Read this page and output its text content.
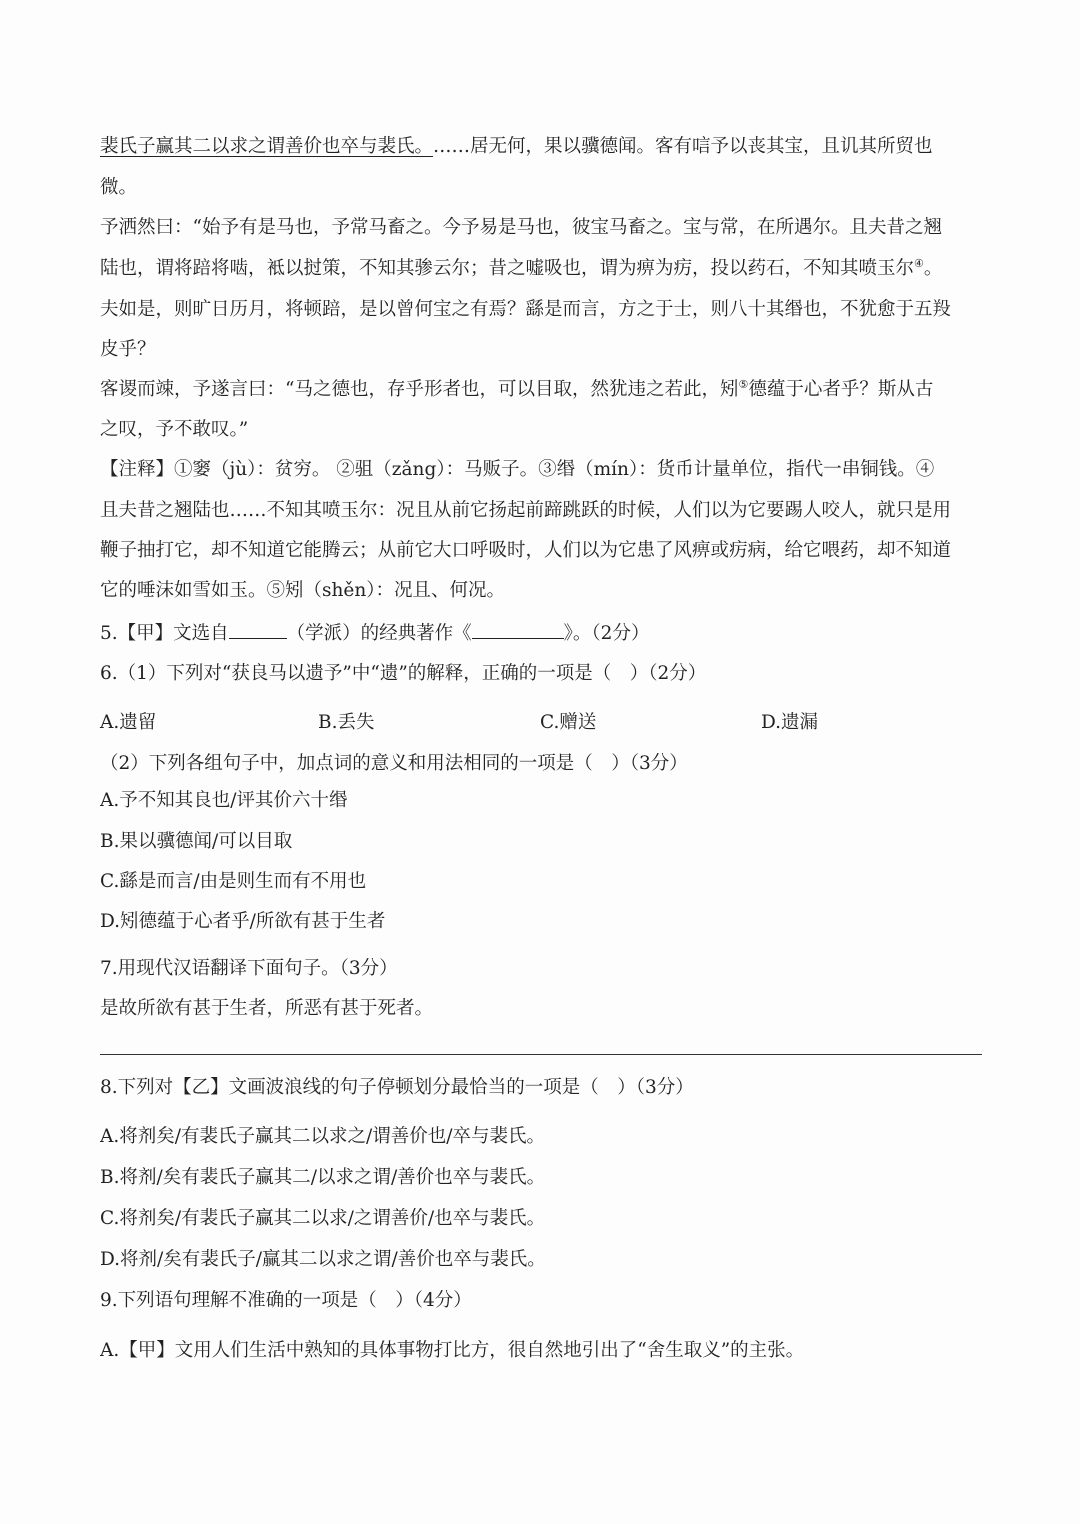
裴氏子赢其二以求之谓善价也卒与裴氏。……居无何，果以骥德闻。客有唁予以丧其宝，且讥其所贸也
微。
予洒然曰：“始予有是马也，予常马畜之。今予易是马也，彼宝马畜之。宝与常，在所遇尔。且夫昔之翘
陆也，谓将踣将啮，袛以挝策，不知其骖云尔；昔之嘘吸也，谓为痹为疠，投以药石，不知其喷玉尔④。
夫如是，则旷日历月，将顿踣，是以曾何宝之有焉？繇是而言，方之于士，则八十其缗也，不犹愈于五羖
皮乎？
客谡而竦，予遂言曰：“马之德也，存乎形者也，可以目取，然犹违之若此，矧⑤德蕴于心者乎？斯从古
之叹，予不敢叹。”
【注释】①窭（jù）：贫穷。 ②驵（zǎng）：马贩子。③缗（mín）：货币计量单位，指代一串铜钱。④
且夫昔之翘陆也……不知其喷玉尔：况且从前它扬起前蹄跳跃的时候，人们以为它要踢人咬人，就只是用
鞭子抽打它，却不知道它能腾云；从前它大口呼吸时，人们以为它患了风痹或疠病，给它喂药，却不知道
它的唾沫如雪如玉。⑤矧（shěn）：况且、何况。
5.【甲】文选自	（学派）的经典著作《	》。（2分）
6.（1）下列对“获良马以遗予”中“遗”的解释，正确的一项是（　）（2分）
A.遗留	B.丢失	C.赠送	D.遗漏
（2）下列各组句子中，加点词的意义和用法相同的一项是（　）（3分）
A.予不知其良也/评其价六十缗
B.果以骥德闻/可以目取
C.繇是而言/由是则生而有不用也
D.矧德蕴于心者乎/所欲有甚于生者
7.用现代汉语翻译下面句子。（3分）
是故所欲有甚于生者，所恶有甚于死者。
8.下列对【乙】文画波浪线的句子停顿划分最恰当的一项是（　）（3分）
A.将剂矣/有裴氏子赢其二以求之/谓善价也/卒与裴氏。
B.将剂/矣有裴氏子赢其二/以求之谓/善价也卒与裴氏。
C.将剂矣/有裴氏子赢其二以求/之谓善价/也卒与裴氏。
D.将剂/矣有裴氏子/赢其二以求之谓/善价也卒与裴氏。
9.下列语句理解不准确的一项是（　）（4分）
A.【甲】文用人们生活中熟知的具体事物打比方，很自然地引出了“舍生取义”的主张。
